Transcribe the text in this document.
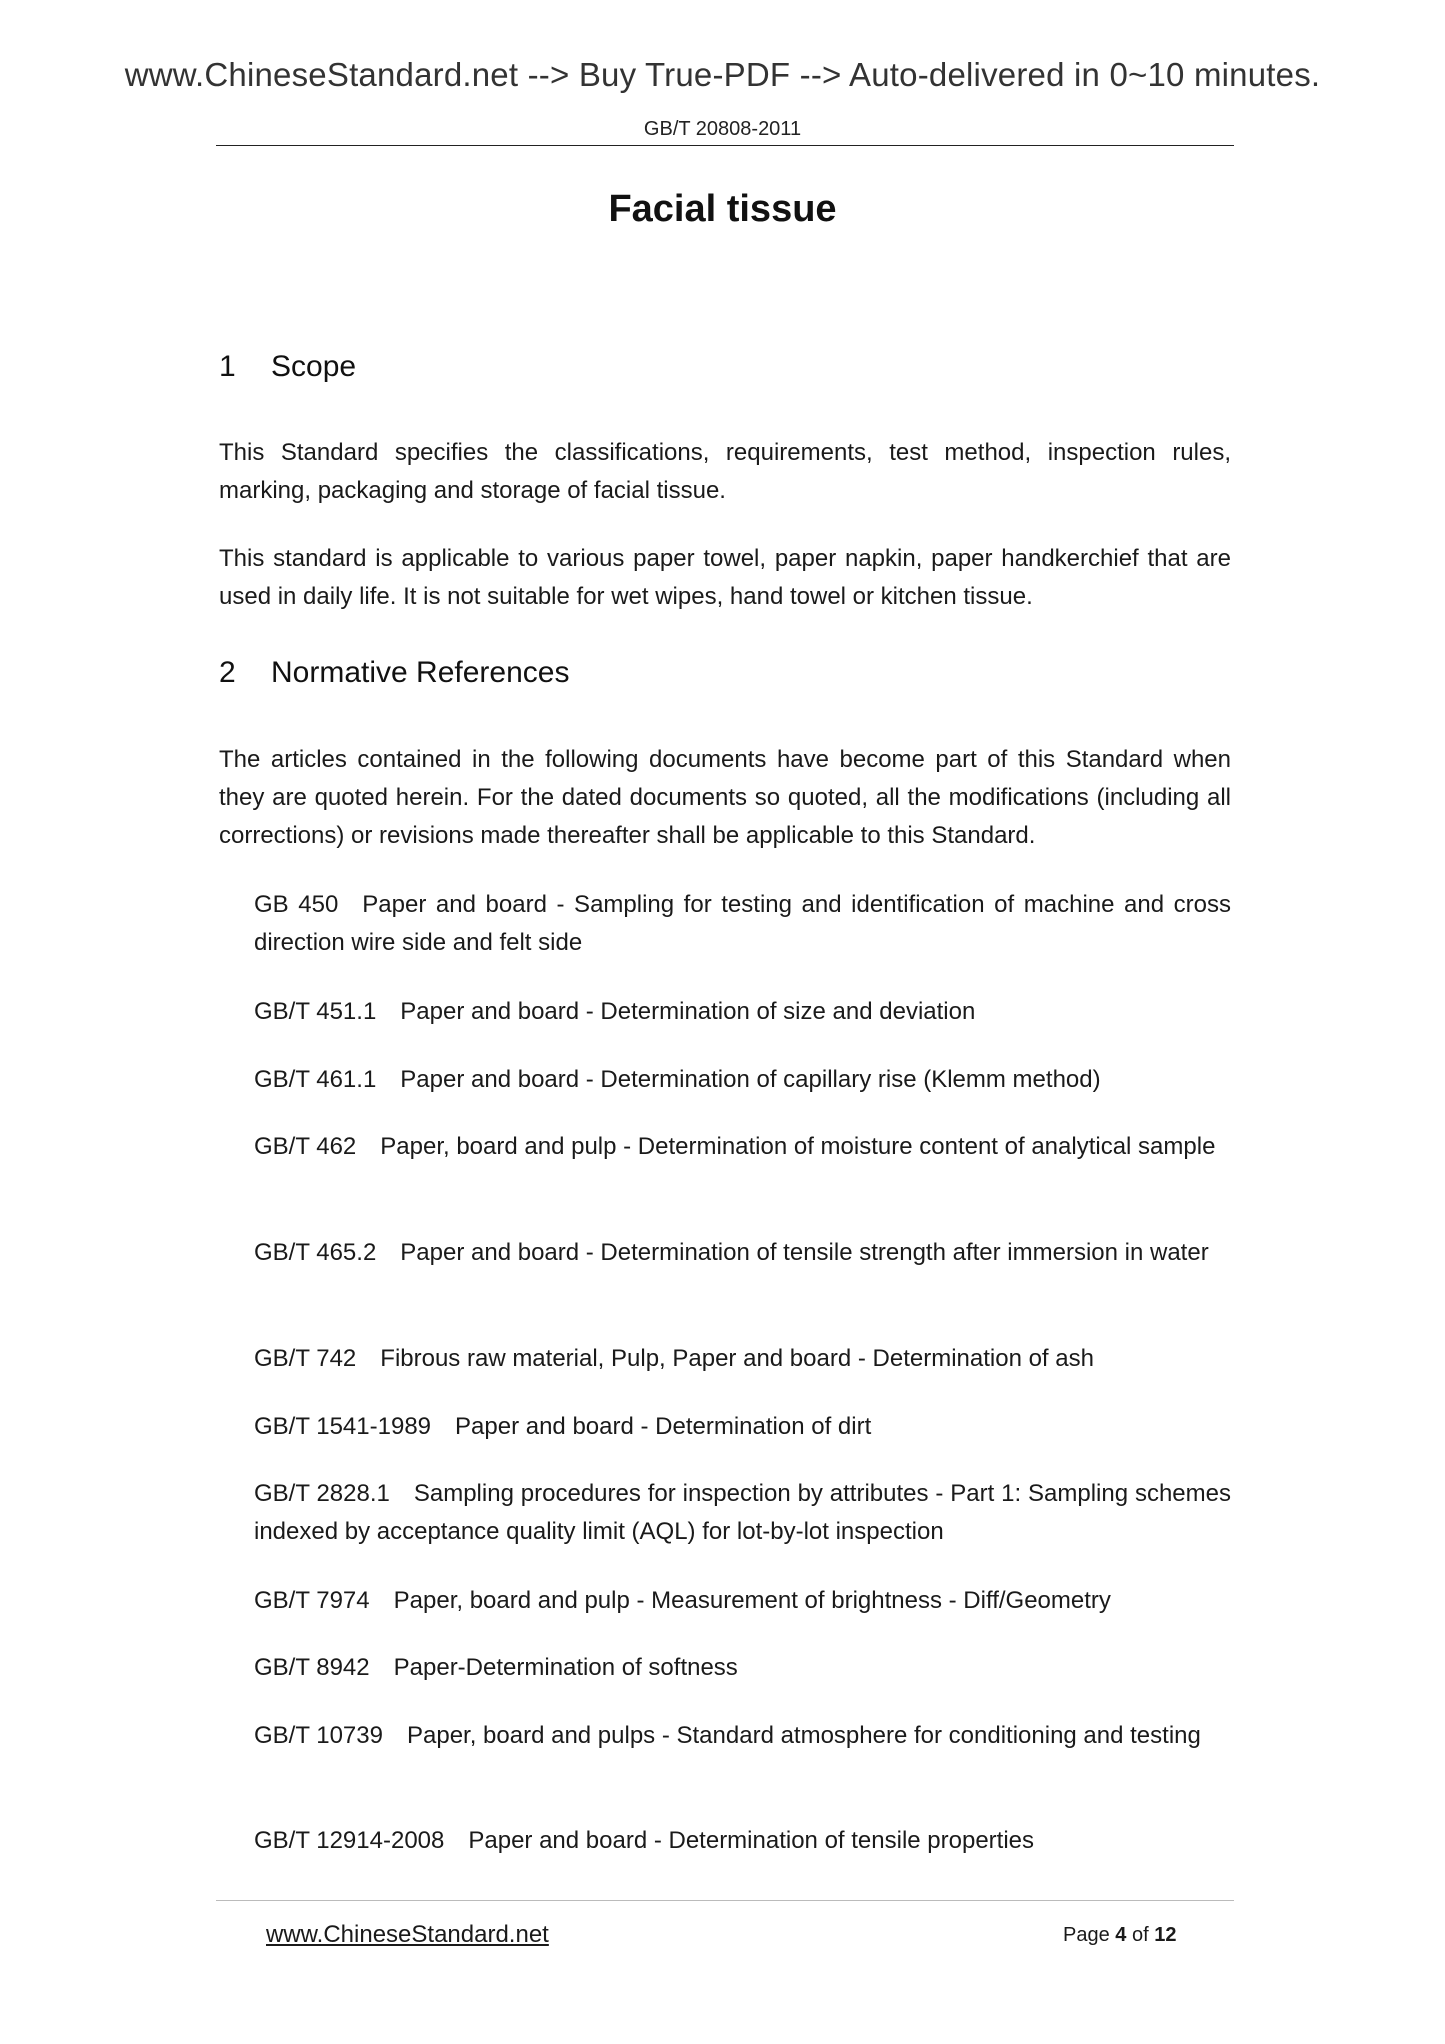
www.ChineseStandard.net --> Buy True-PDF --> Auto-delivered in 0~10 minutes.
GB/T 20808-2011
Facial tissue
1 Scope
This Standard specifies the classifications, requirements, test method, inspection rules, marking, packaging and storage of facial tissue.
This standard is applicable to various paper towel, paper napkin, paper handkerchief that are used in daily life. It is not suitable for wet wipes, hand towel or kitchen tissue.
2 Normative References
The articles contained in the following documents have become part of this Standard when they are quoted herein. For the dated documents so quoted, all the modifications (including all corrections) or revisions made thereafter shall be applicable to this Standard.
GB 450 Paper and board - Sampling for testing and identification of machine and cross direction wire side and felt side
GB/T 451.1 Paper and board - Determination of size and deviation
GB/T 461.1 Paper and board - Determination of capillary rise (Klemm method)
GB/T 462 Paper, board and pulp - Determination of moisture content of analytical sample
GB/T 465.2 Paper and board - Determination of tensile strength after immersion in water
GB/T 742 Fibrous raw material, Pulp, Paper and board - Determination of ash
GB/T 1541-1989 Paper and board - Determination of dirt
GB/T 2828.1 Sampling procedures for inspection by attributes - Part 1: Sampling schemes indexed by acceptance quality limit (AQL) for lot-by-lot inspection
GB/T 7974 Paper, board and pulp - Measurement of brightness - Diff/Geometry
GB/T 8942 Paper-Determination of softness
GB/T 10739 Paper, board and pulps - Standard atmosphere for conditioning and testing
GB/T 12914-2008 Paper and board - Determination of tensile properties
www.ChineseStandard.net	Page 4 of 12
